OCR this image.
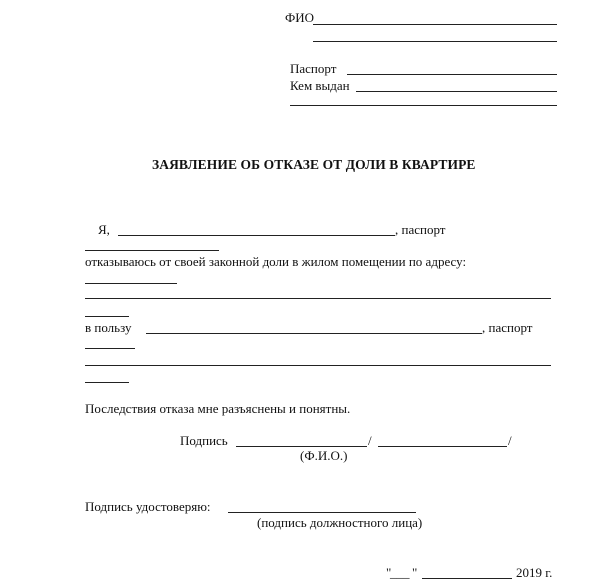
ФИО
Паспорт
Кем выдан
ЗАЯВЛЕНИЕ ОБ ОТКАЗЕ ОТ ДОЛИ В КВАРТИРЕ
Я,	, паспорт
отказываюсь от своей законной доли в жилом помещении по адресу:
в пользу	, паспорт
Последствия отказа мне разъяснены и понятны.
Подпись	/	/
(Ф.И.О.)
Подпись удостоверяю:
(подпись должностного лица)
"
___ "	2019 г.
